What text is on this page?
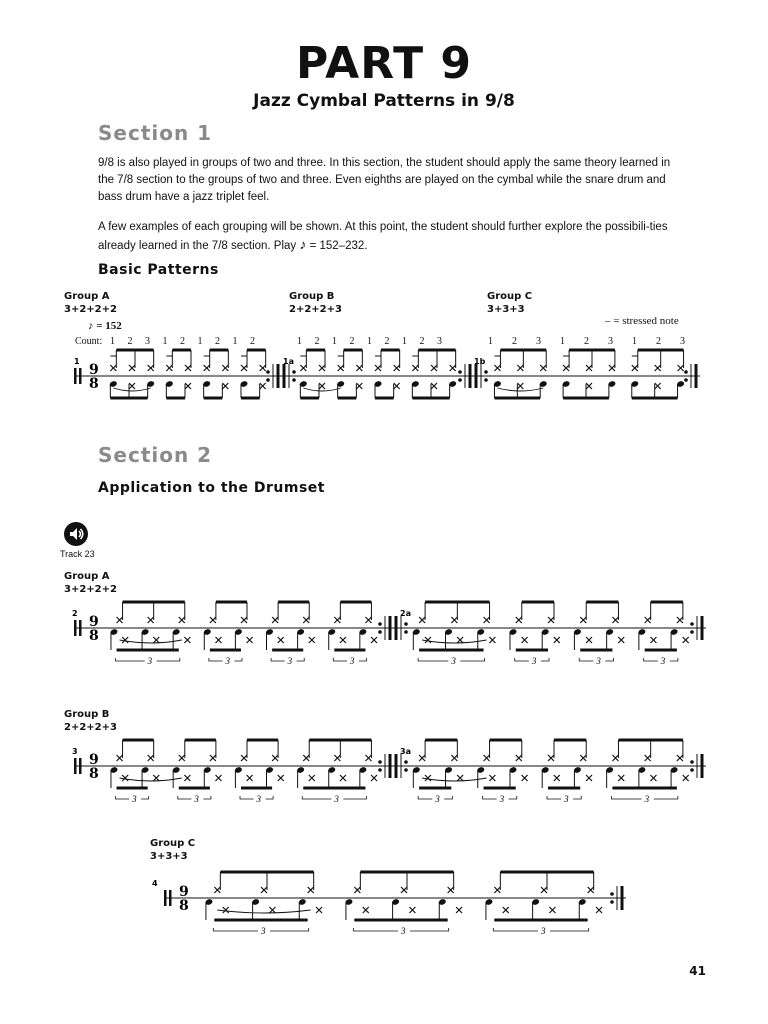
PART 9
Jazz Cymbal Patterns in 9/8
Section 1
9/8 is also played in groups of two and three. In this section, the student should apply the same theory learned in the 7/8 section to the groups of two and three. Even eighths are played on the cymbal while the snare drum and bass drum have a jazz triplet feel.
A few examples of each grouping will be shown. At this point, the student should further explore the possibili-ties already learned in the 7/8 section. Play ♪ = 152–232.
Basic Patterns
Group A
3+2+2+2
Group B
2+2+2+3
Group C
3+3+3
♪ = 152	– = stressed note
Count: 1 2 3 1 2 1 2 1 2	1 2 1 2 1 2 1 2 3	1 2 3 1 2 3 1 2 3
1
9
8
1a	1b
Section 2
Application to the Drumset
Track 23
Group A
3+2+2+2
2
9
8
3	3	3	3
2a
3	3	3	3
Group B
2+2+2+3
3
9
8
3	3	3	3
3a
3	3	3	3
Group C
3+3+3
4
9
8
3	3	3
41
